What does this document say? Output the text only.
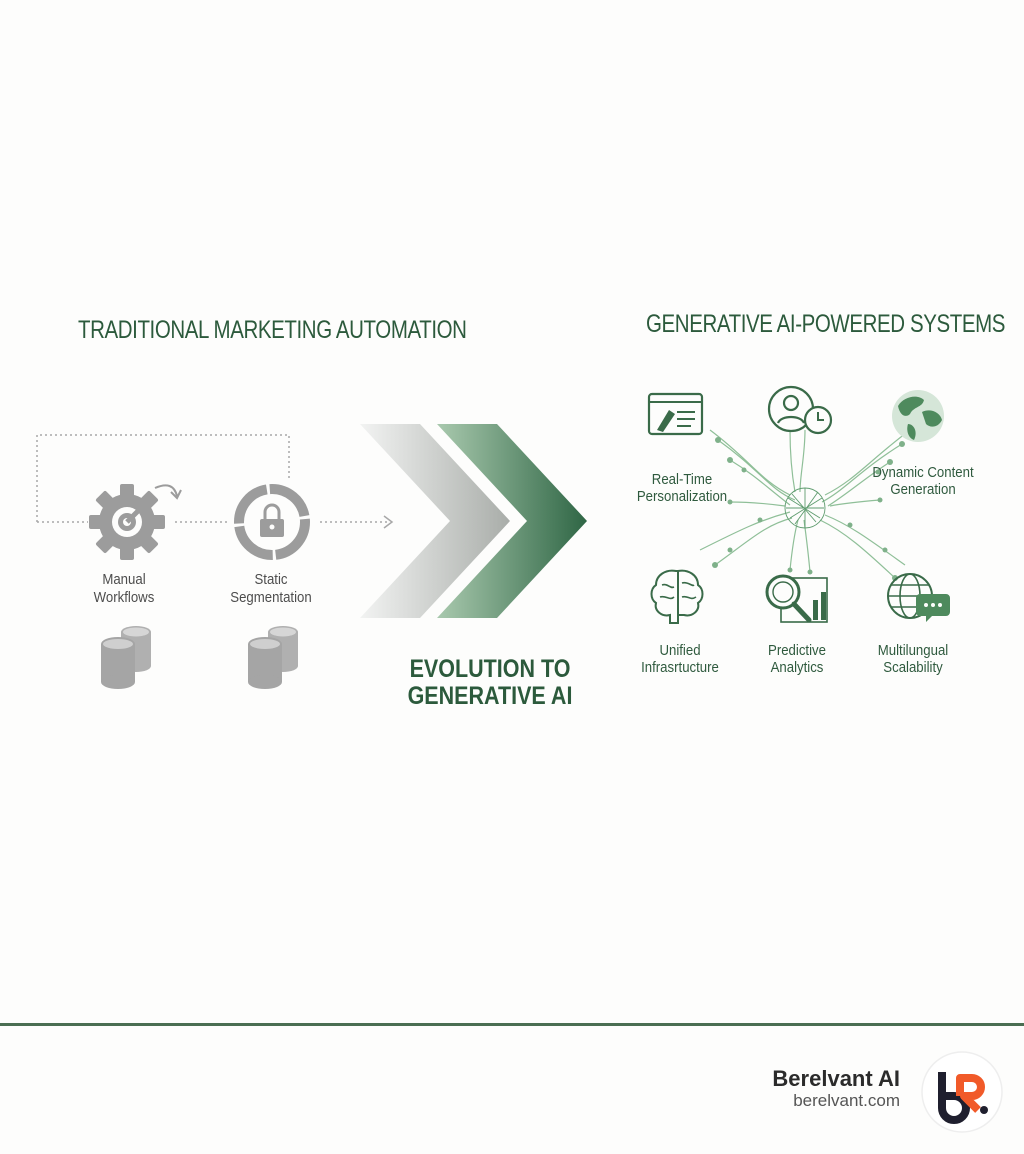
TRADITIONAL MARKETING AUTOMATION
Manual
Workflows
Static
Segmentation
EVOLUTION TO
GENERATIVE AI
GENERATIVE AI-POWERED SYSTEMS
Real-Time
Personalization
Dynamic Content
Generation
Unified
Infrasrtucture
Predictive
Analytics
Multilungual
Scalability
Berelvant AI
berelvant.com
